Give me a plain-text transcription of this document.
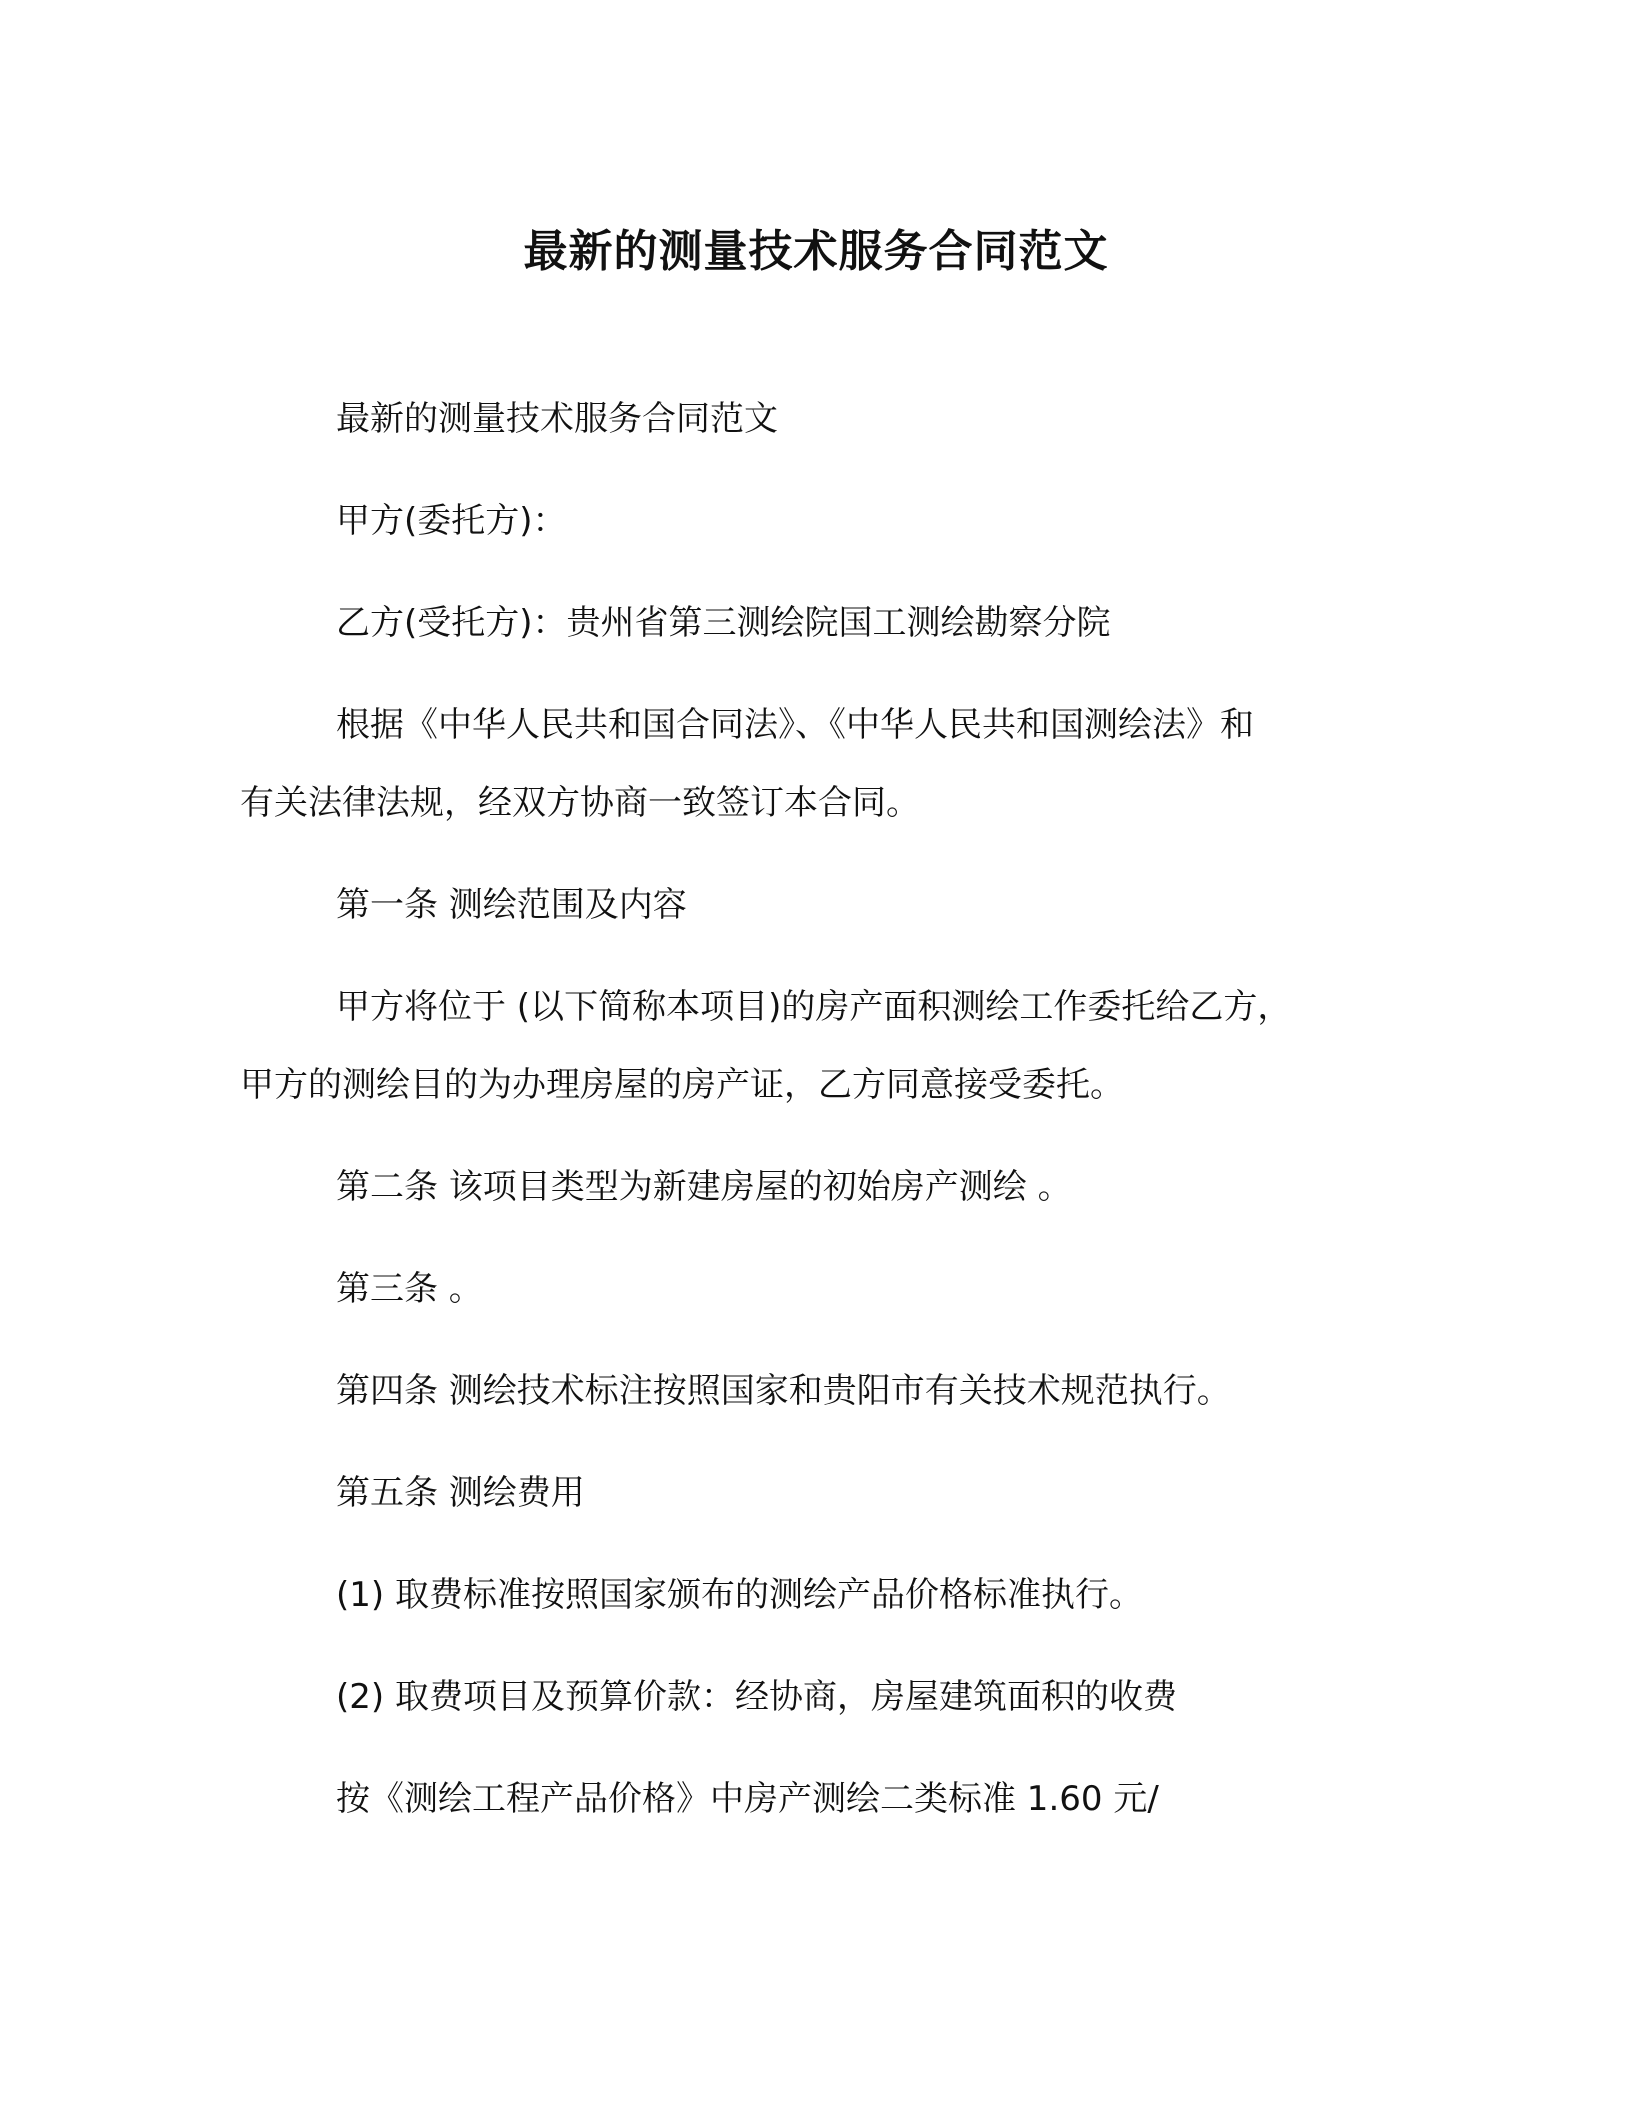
最新的测量技术服务合同范文
最新的测量技术服务合同范文
甲方(委托方)：
乙方(受托方)：贵州省第三测绘院国工测绘勘察分院
根据《中华人民共和国合同法》、《中华人民共和国测绘法》和
有关法律法规，经双方协商一致签订本合同。
第一条 测绘范围及内容
甲方将位于 (以下简称本项目)的房产面积测绘工作委托给乙方，
甲方的测绘目的为办理房屋的房产证，乙方同意接受委托。
第二条 该项目类型为新建房屋的初始房产测绘 。
第三条 。
第四条 测绘技术标注按照国家和贵阳市有关技术规范执行。
第五条 测绘费用
(1) 取费标准按照国家颁布的测绘产品价格标准执行。
(2) 取费项目及预算价款：经协商，房屋建筑面积的收费
按《测绘工程产品价格》中房产测绘二类标准 1.60 元/
